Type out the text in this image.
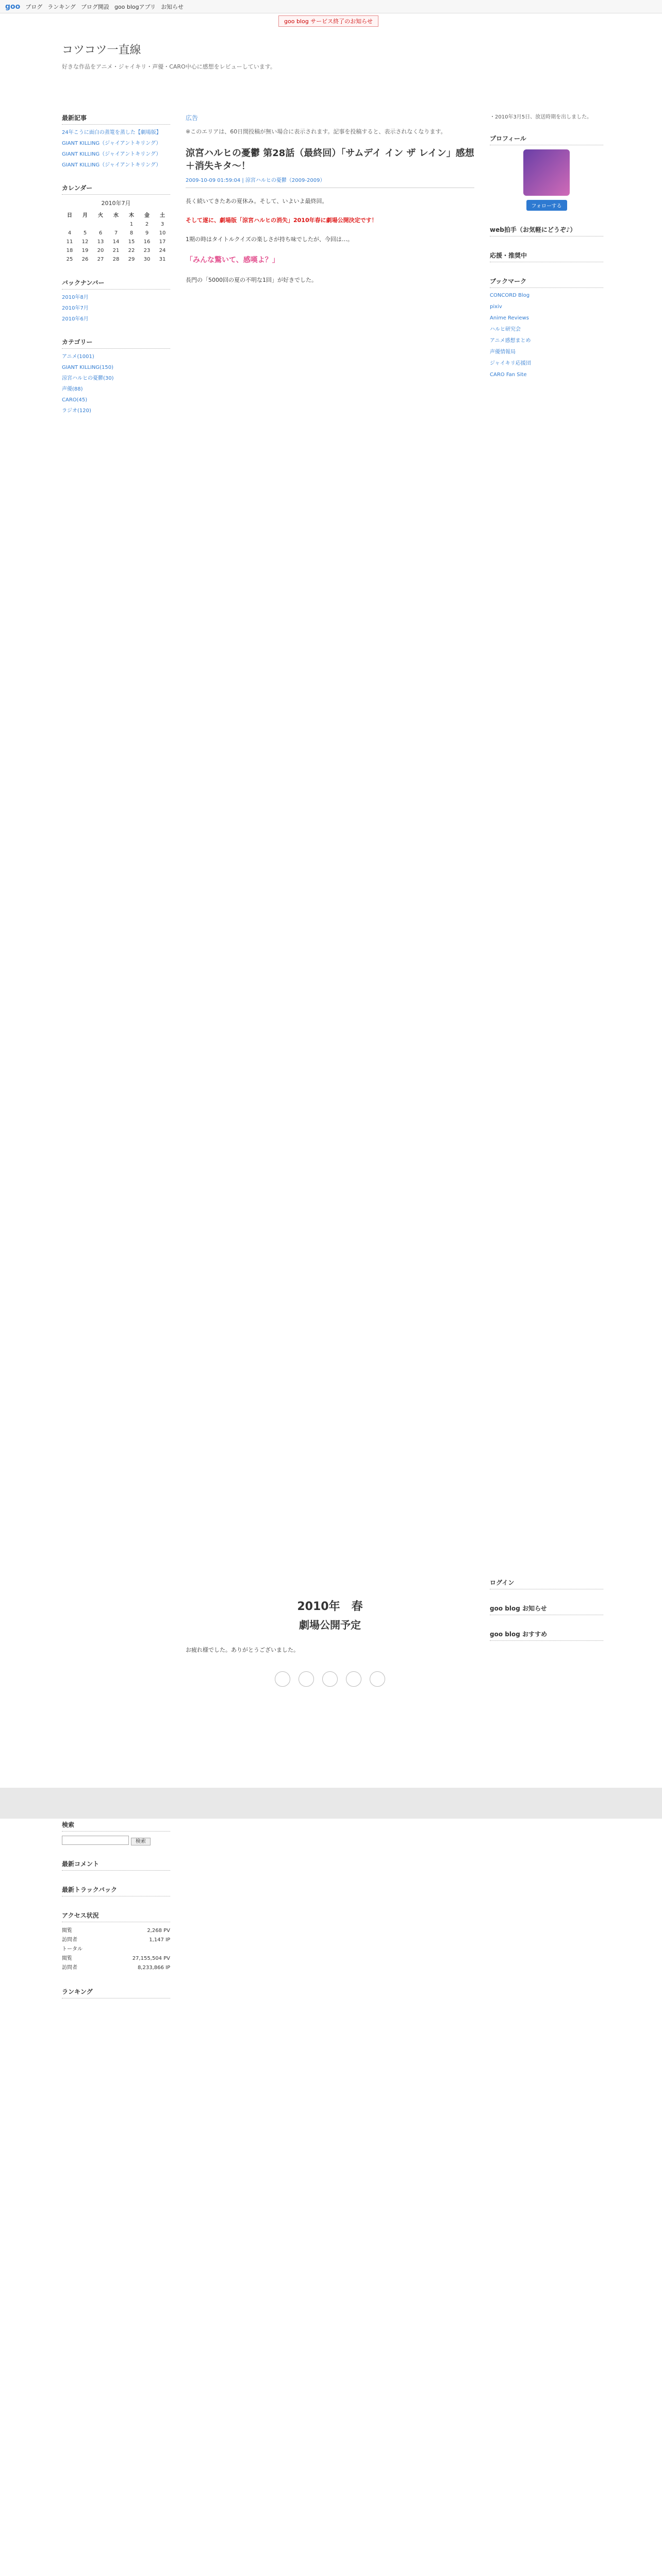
goo ブログ ランキング ブログ開設 goo blogアプリ お知らせ
goo blog サービス終了のお知らせ
コツコツ一直線
好きな作品をアニメ・ジャイキリ・声優・CARO中心に感想をレビューしています。
最新記事
24年こうに面白の蒸篭を蒸した【劇場版】
GIANT KILLING（ジャイアントキリング）
GIANT KILLING（ジャイアントキリング）
GIANT KILLING（ジャイアントキリング）
カレンダー
2010年7月
日	月	火	水	木	金	土
				1	2	3
4	5	6	7	8	9	10
11	12	13	14	15	16	17
18	19	20	21	22	23	24
25	26	27	28	29	30	31
バックナンバー
2010年8月
2010年7月
2010年6月
カテゴリー
アニメ(1001)
GIANT KILLING(150)
涼宮ハルヒの憂鬱(30)
声優(88)
CARO(45)
ラジオ(120)
検索
検索
最新コメント
最新トラックバック
アクセス状況
閲覧	2,268 PV
訪問者	1,147 IP
トータル
閲覧	27,155,504 PV
訪問者	8,233,866 IP
ランキング
広告
※このエリアは、60日間投稿が無い場合に表示されます。記事を投稿すると、表示されなくなります。
涼宮ハルヒの憂鬱 第28話（最終回）「サムデイ イン ザ レイン」感想＋消失キタ～！
2009-10-09 01:59:04 | 涼宮ハルヒの憂鬱（2009-2009）

長く続いてきたあの夏休み。そして、いよいよ最終回。

そして遂に、劇場版「涼宮ハルヒの消失」2010年春に劇場公開決定です！

1期の時はタイトルクイズの楽しさが持ち味でしたが、今回は…。

「みんな驚いて、感嘆よ？」

長門の「5000回の夏の不明な1回」が好きでした。

2010年　春
劇場公開予定

お疲れ様でした。ありがとうございました。

・2010年3月5日、放送時期を出しました。
プロフィール
フォローする
web拍手（お気軽にどうぞ♪）
応援・推奨中
ブックマーク
CONCORD Blog
pixiv
Anime Reviews
ハルヒ研究会
アニメ感想まとめ
声優情報局
ジャイキリ応援団
CARO Fan Site
ログイン
goo blog お知らせ
goo blog おすすめ
